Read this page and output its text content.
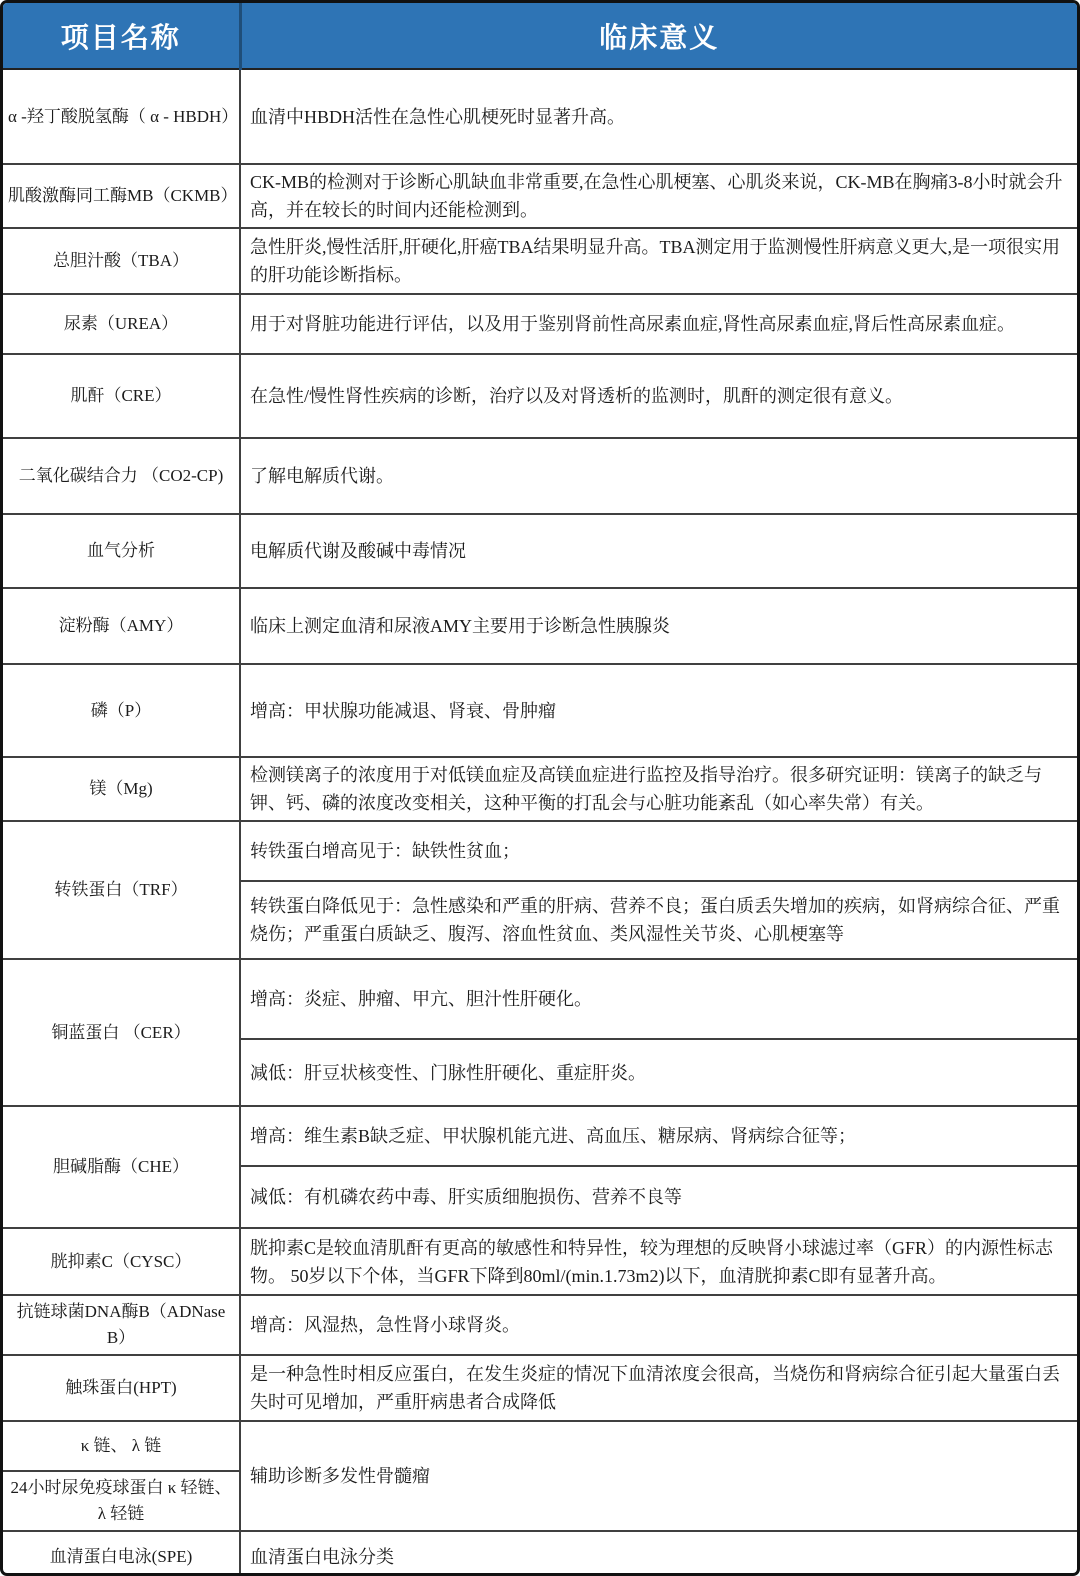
项目名称	临床意义
α -羟丁酸脱氢酶（ α - HBDH）	血清中HBDH活性在急性心肌梗死时显著升高。
肌酸激酶同工酶MB（CKMB）	CK-MB的检测对于诊断心肌缺血非常重要,在急性心肌梗塞、心肌炎来说，CK-MB在胸痛3-8小时就会升高，并在较长的时间内还能检测到。
总胆汁酸（TBA）	急性肝炎,慢性活肝,肝硬化,肝癌TBA结果明显升高。TBA测定用于监测慢性肝病意义更大,是一项很实用的肝功能诊断指标。
尿素（UREA）	用于对肾脏功能进行评估，以及用于鉴别肾前性高尿素血症,肾性高尿素血症,肾后性高尿素血症。
肌酐（CRE）	在急性/慢性肾性疾病的诊断，治疗以及对肾透析的监测时，肌酐的测定很有意义。
二氧化碳结合力 （CO2-CP)	了解电解质代谢。
血气分析	电解质代谢及酸碱中毒情况
淀粉酶（AMY）	临床上测定血清和尿液AMY主要用于诊断急性胰腺炎
磷（P）	增高：甲状腺功能减退、肾衰、骨肿瘤
镁（Mg)	检测镁离子的浓度用于对低镁血症及高镁血症进行监控及指导治疗。很多研究证明：镁离子的缺乏与钾、钙、磷的浓度改变相关，这种平衡的打乱会与心脏功能紊乱（如心率失常）有关。
转铁蛋白（TRF）	转铁蛋白增高见于：缺铁性贫血；
	转铁蛋白降低见于：急性感染和严重的肝病、营养不良；蛋白质丢失增加的疾病，如肾病综合征、严重烧伤；严重蛋白质缺乏、腹泻、溶血性贫血、类风湿性关节炎、心肌梗塞等
铜蓝蛋白 （CER）	增高：炎症、肿瘤、甲亢、胆汁性肝硬化。
	减低：肝豆状核变性、门脉性肝硬化、重症肝炎。
胆碱脂酶（CHE）	增高：维生素B缺乏症、甲状腺机能亢进、高血压、糖尿病、肾病综合征等；
	减低：有机磷农药中毒、肝实质细胞损伤、营养不良等
胱抑素C（CYSC）	胱抑素C是较血清肌酐有更高的敏感性和特异性，较为理想的反映肾小球滤过率（GFR）的内源性标志物。 50岁以下个体，当GFR下降到80ml/(min.1.73m2)以下，血清胱抑素C即有显著升高。
抗链球菌DNA酶B（ADNase B）	增高：风湿热，急性肾小球肾炎。
触珠蛋白(HPT)	是一种急性时相反应蛋白，在发生炎症的情况下血清浓度会很高，当烧伤和肾病综合征引起大量蛋白丢失时可见增加，严重肝病患者合成降低
κ 链、 λ 链	辅助诊断多发性骨髓瘤
24小时尿免疫球蛋白 κ 轻链、λ 轻链	
血清蛋白电泳(SPE)	血清蛋白电泳分类
